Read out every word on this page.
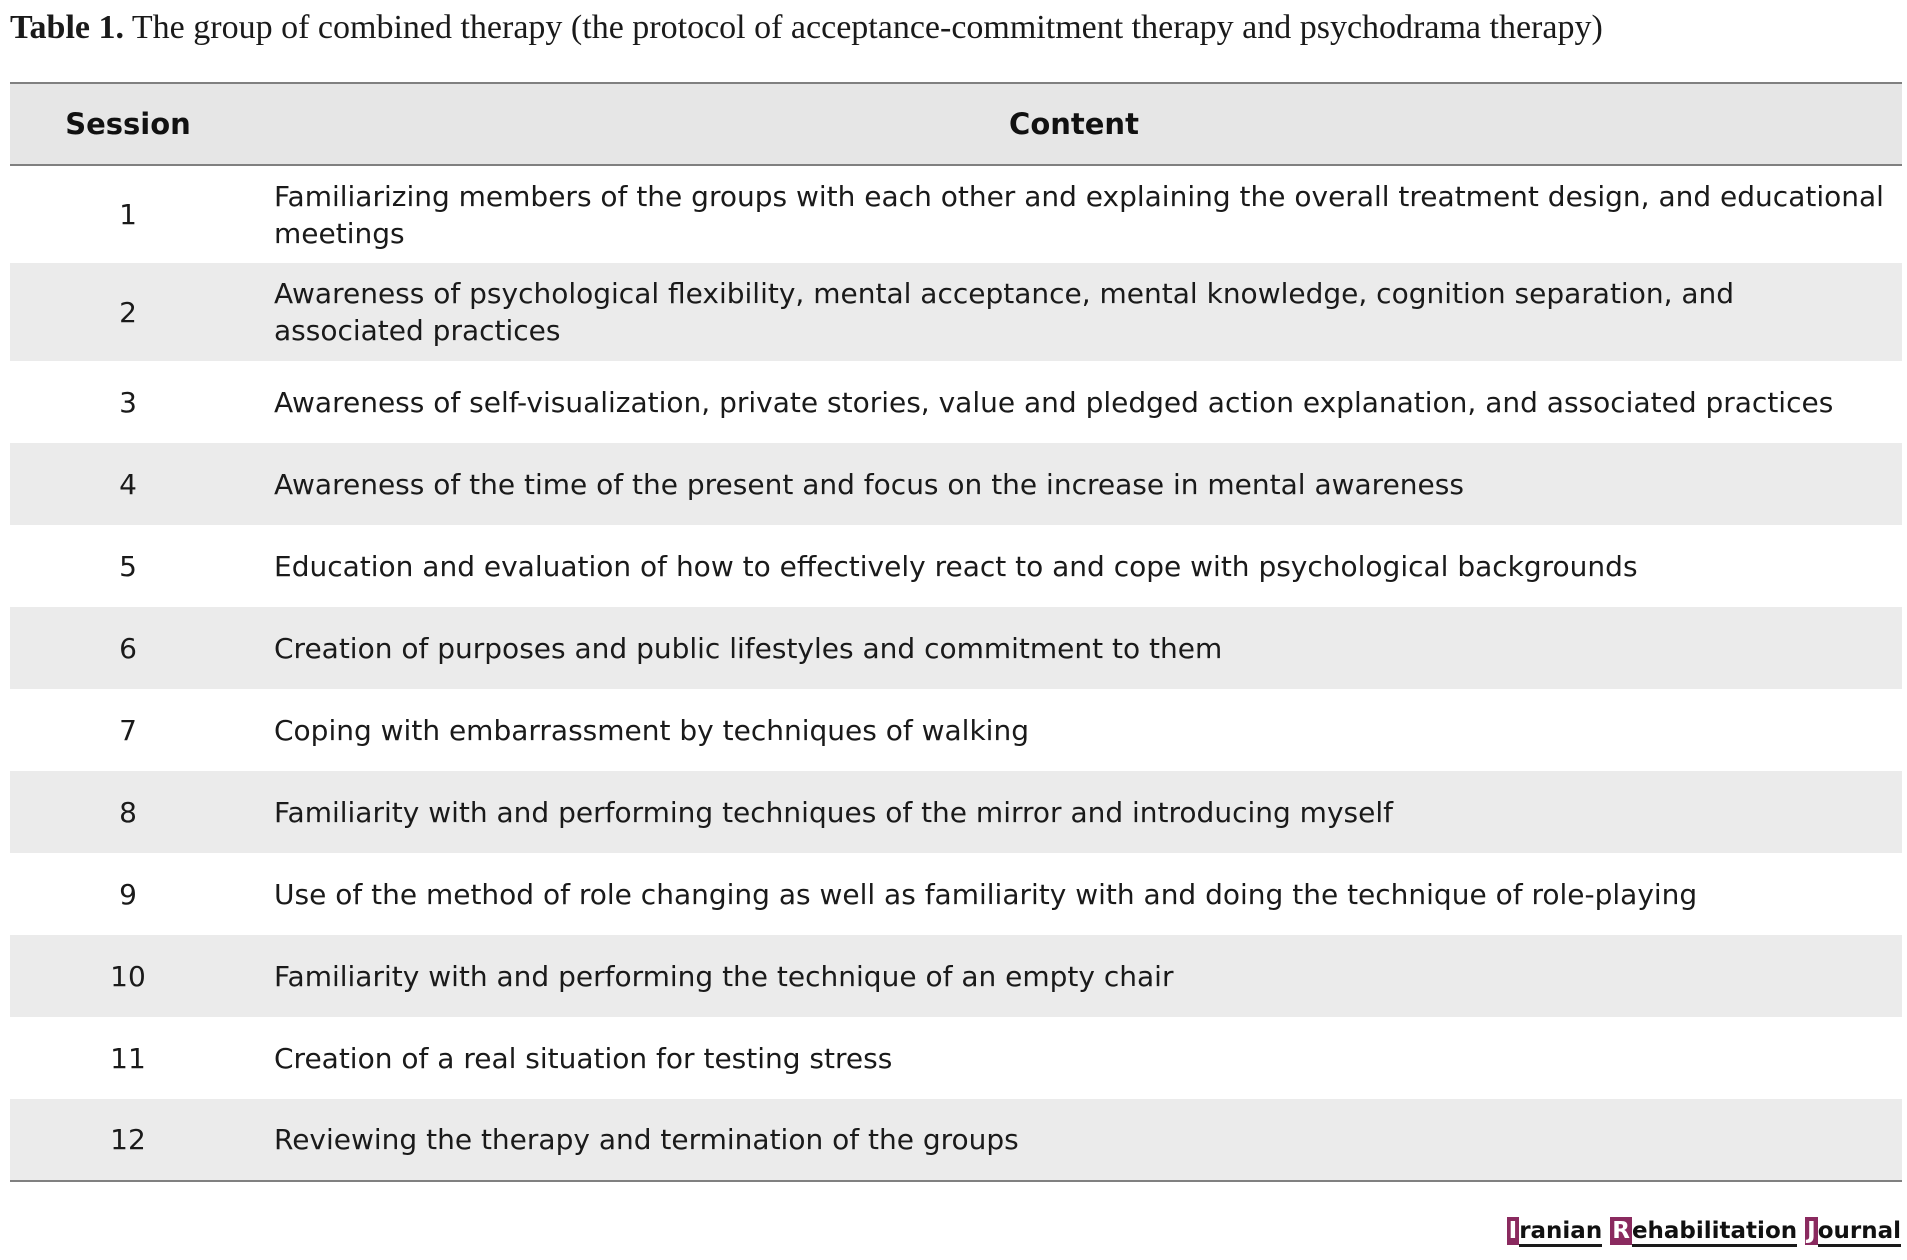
Table 1. The group of combined therapy (the protocol of acceptance-commitment therapy and psychodrama therapy)
Session	Content
1	Familiarizing members of the groups with each other and explaining the overall treatment design, and educational meetings
2	Awareness of psychological flexibility, mental acceptance, mental knowledge, cognition separation, and associated practices
3	Awareness of self-visualization, private stories, value and pledged action explanation, and associated practices
4	Awareness of the time of the present and focus on the increase in mental awareness
5	Education and evaluation of how to effectively react to and cope with psychological backgrounds
6	Creation of purposes and public lifestyles and commitment to them
7	Coping with embarrassment by techniques of walking
8	Familiarity with and performing techniques of the mirror and introducing myself
9	Use of the method of role changing as well as familiarity with and doing the technique of role-playing
10	Familiarity with and performing the technique of an empty chair
11	Creation of a real situation for testing stress
12	Reviewing the therapy and termination of the groups
Iranian Rehabilitation Journal
